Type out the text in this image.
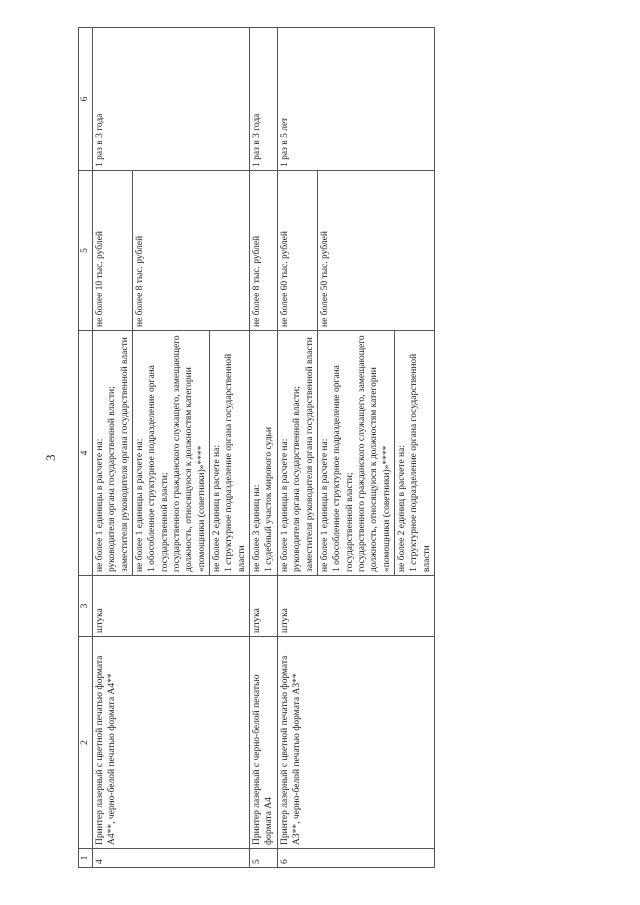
3
1	2	3	4	5	6
4	Принтер лазерный с цветной печатью формата А4**, черно-белой печатью формата А4**	штука	не более 1 единицы в расчете на:
руководителя органа государственной власти;
заместителя руководителя органа государственной власти	не более 10 тыс. рублей	1 раз в 3 года

			не более 1 единицы в расчете на:
1 обособленное структурное подразделение органа государственной власти;
государственного гражданского служащего, замещающего должность, относящуюся к должностям категории «помощники (советники)»****	не более 8 тыс. рублей	

			не более 2 единиц в расчете на:
1 структурное подразделение органа государственной власти		

5	Принтер лазерный с черно-белой печатью формата А4	штука	не более 3 единиц на:
1 судебный участок мирового судьи	не более 8 тыс. рублей	1 раз в 3 года
6	Принтер лазерный с цветной печатью формата А3**, черно-белой печатью формата А3**	штука	не более 1 единицы в расчете на:
руководителя органа государственной власти;
заместителя руководителя органа государственной власти	не более 60 тыс. рублей	1 раз в 5 лет

			не более 1 единицы в расчете на:
1 обособленное структурное подразделение органа государственной власти;
государственного гражданского служащего, замещающего должность, относящуюся к должностям категории «помощники (советники)»****	не более 50 тыс. рублей	

			не более 2 единиц в расчете на:
1 структурное подразделение органа государственной власти		
